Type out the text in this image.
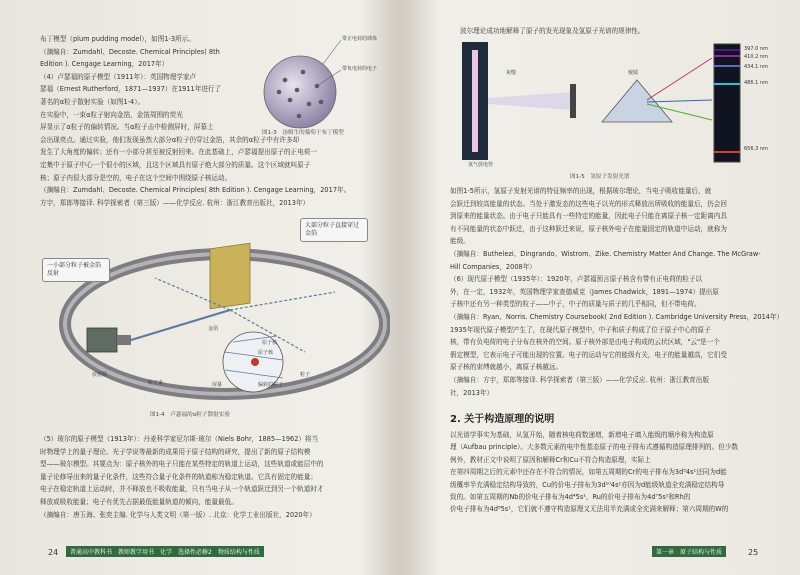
布丁模型（plum pudding model），如图1-3所示。
（摘编自：Zumdahl、Decoste. Chemical Principles( 8th
Edition ). Cengage Learning，2017年）
（4）卢瑟福的原子模型（1911年）：英国物理学家卢
瑟福（Ernest Rutherford，1871—1937）在1911年进行了
著名的α粒子散射实验（如图1-4）。
在实验中，一束α粒子射向金箔，金箔周围的荧光
屏显示了α粒子的偏转情况。当α粒子击中检测屏时，屏幕上
会出现亮点。通过实验，他们发现虽然大部分α粒子仍穿过金箔，其余的α粒子中有许多却
发生了大角度的偏转；还有一小部分甚至被反射回来。在此基础上，卢瑟福提出原子的正电荷一
定集中于原子中心一个很小的区域，且这个区域具有原子绝大部分的质量。这个区域就叫原子
核；原子内很大部分是空的，电子在这个空间中围绕原子核运动。
（摘编自：Zumdahl、Decoste. Chemical Principles( 8th Edition ). Cengage Learning，2017年。
方宇，郑郎等接译. 科学探索者（第三版）——化学反应. 杭州：浙江教育出版社，2013年）
带正电荷的球体
带负电荷的电子
图1-3　汤姆生的葡萄干布丁模型
大部分粒子直接穿过金箔
一小部分粒子被金箔反射
金箔
放射源
粒子束	屏幕
原子核
偏转的粒子
原子核
粒子
图1-4　卢瑟福的α粒子散射实验
（5）玻尔的原子模型（1913年）：丹麦科学家尼尔斯·玻尔（Niels Bohr，1885—1962）将当
时物理学上的量子理论、光子学说等最新的成果用于原子结构的研究，提出了新的原子结构模
型——玻尔模型。其要点为：原子核外的电子只能在某些特定的轨道上运动，这些轨道或能层中的
量子论修导出来的量子化条件，这些符合量子化条件的轨道称为稳定轨道。它具有固定的能量；
电子在稳定轨道上运动时，并不释放也不吸收能量，只有当电子从一个轨道跃迁到另一个轨道时才
释放或吸收能量；电子有优先占据最低能量轨道的倾向，能量最低。
（摘编自：唐玉海、张奕主编. 化学与人类文明（第一版）. 北京：化学工业出版社，2020年）
24	普通高中教科书　教师教学用书　化学　选择性必修2　物质结构与性质
波尔理论成功地解释了原子的发光现象及氢原子光谱的规律性。
灰缝	棱镜
氢气放电管
656.3 nm
486.1 nm
434.1 nm
410.2 nm
397.0 nm
图1-5　氢原子发射光谱
如图1-5所示，氢原子发射光谱的特征频率的出现，根据玻尔理论，当电子吸收能量后，就
会跃迁到较高能量的状态。当处于激发态的这些电子以光的形式释放出所吸收的能量后，仍会回
到原来的能量状态。由于电子只能具有一些特定的能量，因此电子只能在离原子核一定距离内具
有不同能量的状态中跃迁，由于这种跃迁来说，原子核外电子在能量固定的轨道中运动，就称为
能级。
（摘编自：Buthelezi、Dingrando、Wistrom、Zike. Chemistry Matter And Change. The McGraw-
Hill Companies，2008年）
（6）现代原子模型（1935年）：1920年，卢瑟福预言原子核含有带有正电荷的粒子以
外，在一定，1932年，英国物理学家查德威克（James Chadwick，1891—1974）提出原
子核中还有另一种类型的粒子——中子，中子的质量与质子的几乎相同，但不带电荷。
（摘编自：Ryan、Norris. Chemistry Coursebook( 2nd Edition ). Cambridge University Press，2014年）
1935年现代原子模型产生了，在现代原子模型中，中子和质子构成了位于原子中心的原子
核，带有负电荷的电子分布在核外的空间。原子核外部是由电子构成的云状区域，"云"是一个
假定模型，它表示电子可能出现的位置。电子的运动与它的能级有关，电子的能量越高，它们受
原子核的束缚就越小，离原子核越远。
（摘编自：方宇，郑郎等接译. 科学探索者（第三版）——化学反应. 杭州：浙江教育出版
社，2013年）
2. 关于构造原理的说明
以光谱学事实为基础，从氢开始，随着核电荷数递增，新增电子填入能级的顺序称为构造原
理（Aufbau principle）。大多数元素的电中性基态原子的电子排布式遵循构造原理排列的。但少数
例外，教材正文中说明了原因和解释Cr和Cu不符合构造原理，实际上
在第四周期之后的元素中还存在不符合的情况，如第五周期的Cr的电子排布为3d⁵4s¹还同为d能
级概率半充满稳定结构导致的，Cu的价电子排布为3d¹⁰4s¹亦因为d能级轨道全充满稳定结构导
致的。如第五周期的Nb的价电子排布为4d⁴5s¹，Ru的价电子排布为4d⁷5s¹和Rh的
价电子排布为4d⁸5s¹，它们就不遵守构造原理又无法用半充满或全充满来解释；第六周期的W的
第一章　原子结构与性质	25
